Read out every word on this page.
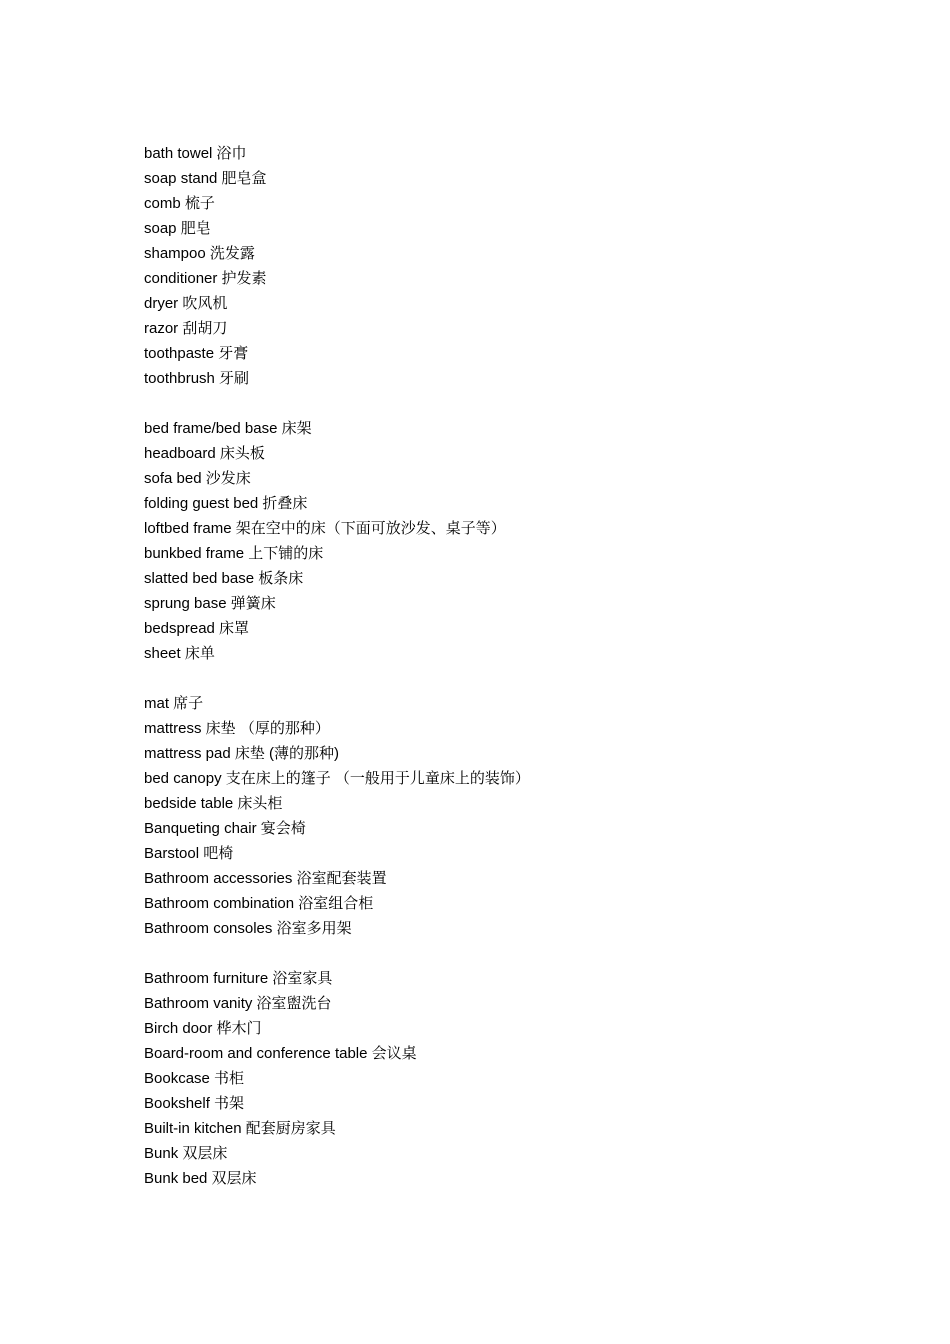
bath towel 浴巾
soap stand 肥皂盒
comb 梳子
soap 肥皂
shampoo 洗发露
conditioner 护发素
dryer 吹风机
razor 刮胡刀
toothpaste 牙膏
toothbrush 牙刷
bed frame/bed base 床架
headboard 床头板
sofa bed 沙发床
folding guest bed 折叠床
loftbed frame 架在空中的床（下面可放沙发、桌子等）
bunkbed frame 上下铺的床
slatted bed base 板条床
sprung base 弹簧床
bedspread 床罩
sheet 床单
mat 席子
mattress 床垫 （厚的那种）
mattress pad 床垫 (薄的那种)
bed canopy 支在床上的篷子 （一般用于儿童床上的装饰）
bedside table 床头柜
Banqueting chair 宴会椅
Barstool 吧椅
Bathroom accessories 浴室配套装置
Bathroom combination 浴室组合柜
Bathroom consoles 浴室多用架
Bathroom furniture 浴室家具
Bathroom vanity 浴室盥洗台
Birch door 桦木门
Board-room and conference table 会议桌
Bookcase 书柜
Bookshelf 书架
Built-in kitchen 配套厨房家具
Bunk 双层床
Bunk bed 双层床
